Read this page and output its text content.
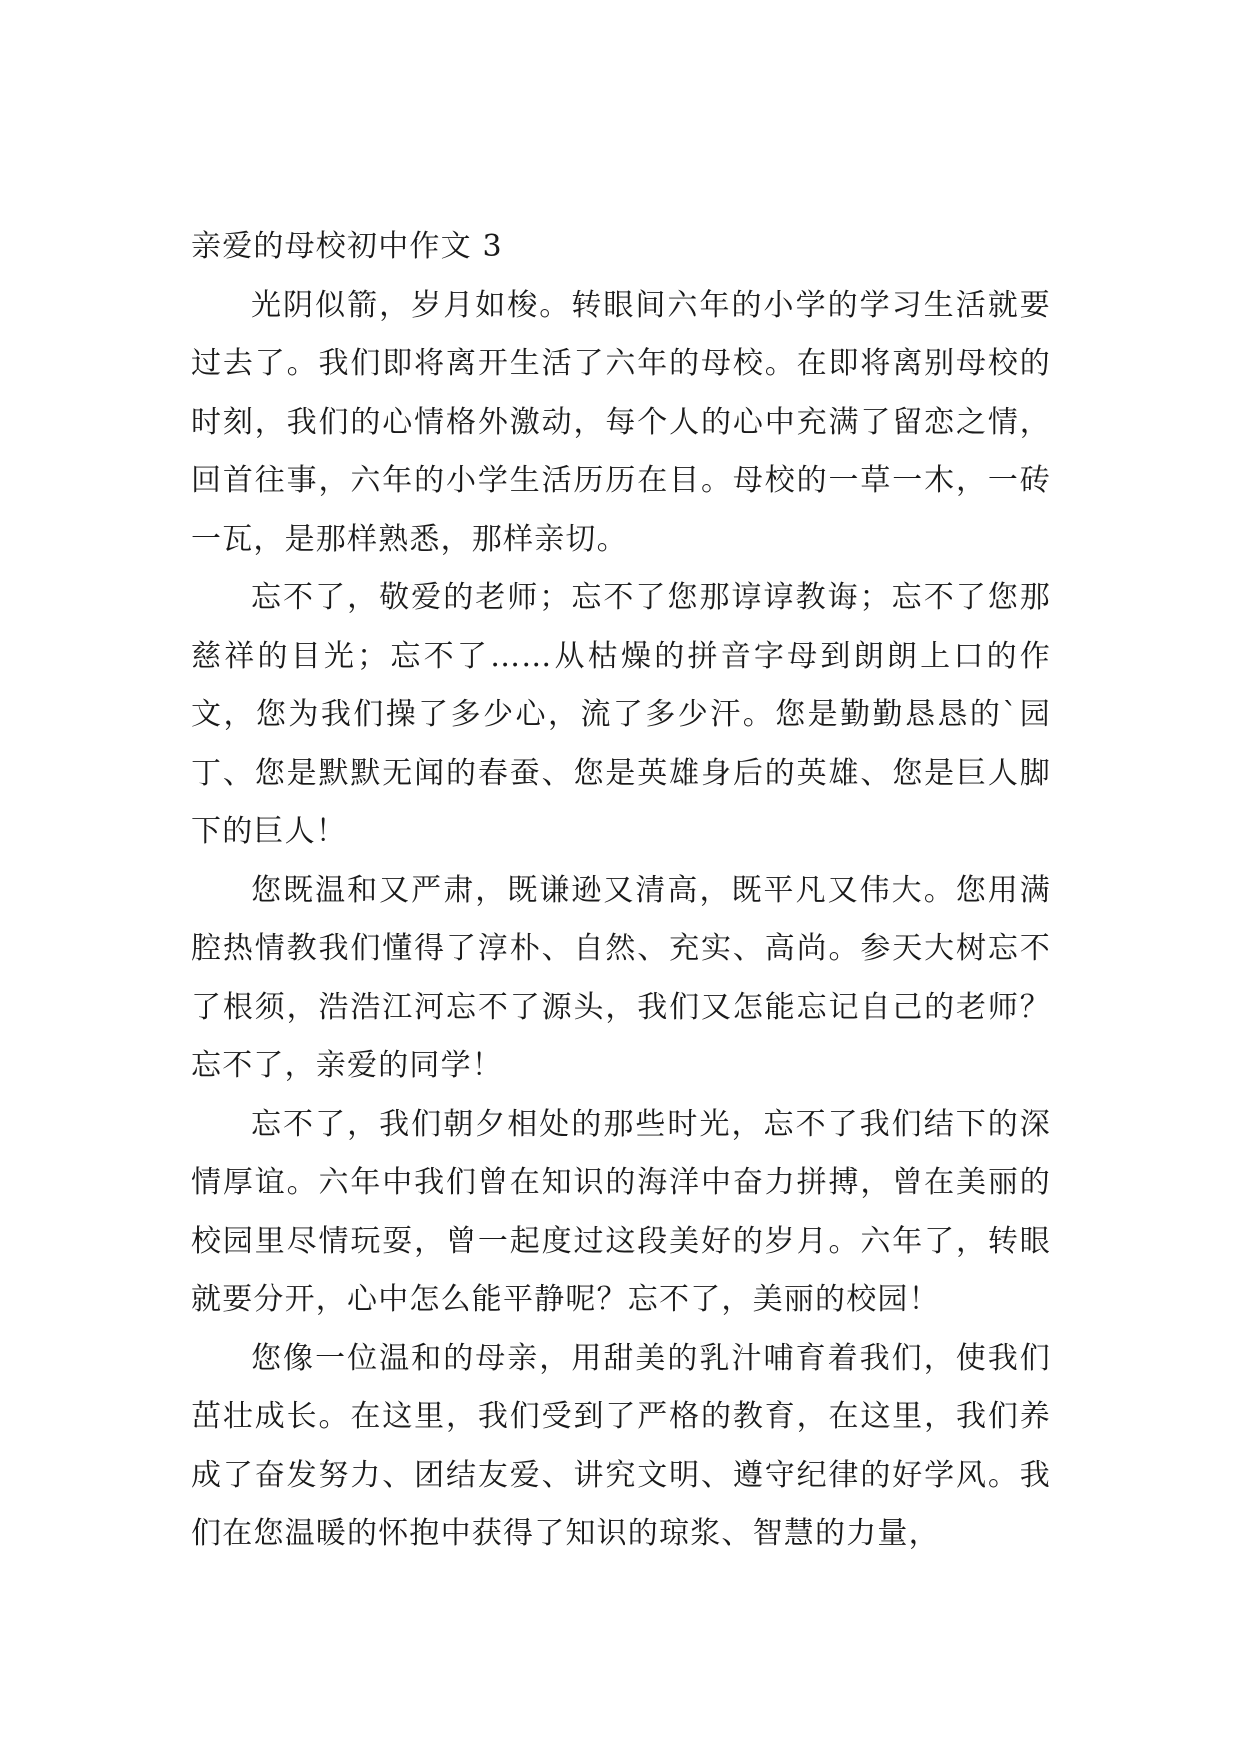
亲爱的母校初中作文 3

光阴似箭，岁月如梭。转眼间六年的小学的学习生活就要过去了。我们即将离开生活了六年的母校。在即将离别母校的时刻，我们的心情格外激动，每个人的心中充满了留恋之情，回首往事，六年的小学生活历历在目。母校的一草一木，一砖一瓦，是那样熟悉，那样亲切。

忘不了，敬爱的老师；忘不了您那谆谆教诲；忘不了您那慈祥的目光；忘不了……从枯燥的拼音字母到朗朗上口的作文，您为我们操了多少心，流了多少汗。您是勤勤恳恳的`园丁、您是默默无闻的春蚕、您是英雄身后的英雄、您是巨人脚下的巨人！

您既温和又严肃，既谦逊又清高，既平凡又伟大。您用满腔热情教我们懂得了淳朴、自然、充实、高尚。参天大树忘不了根须，浩浩江河忘不了源头，我们又怎能忘记自己的老师？忘不了，亲爱的同学！

忘不了，我们朝夕相处的那些时光，忘不了我们结下的深情厚谊。六年中我们曾在知识的海洋中奋力拼搏，曾在美丽的校园里尽情玩耍，曾一起度过这段美好的岁月。六年了，转眼就要分开，心中怎么能平静呢？忘不了，美丽的校园！

您像一位温和的母亲，用甜美的乳汁哺育着我们，使我们茁壮成长。在这里，我们受到了严格的教育，在这里，我们养成了奋发努力、团结友爱、讲究文明、遵守纪律的好学风。我们在您温暖的怀抱中获得了知识的琼浆、智慧的力量，
